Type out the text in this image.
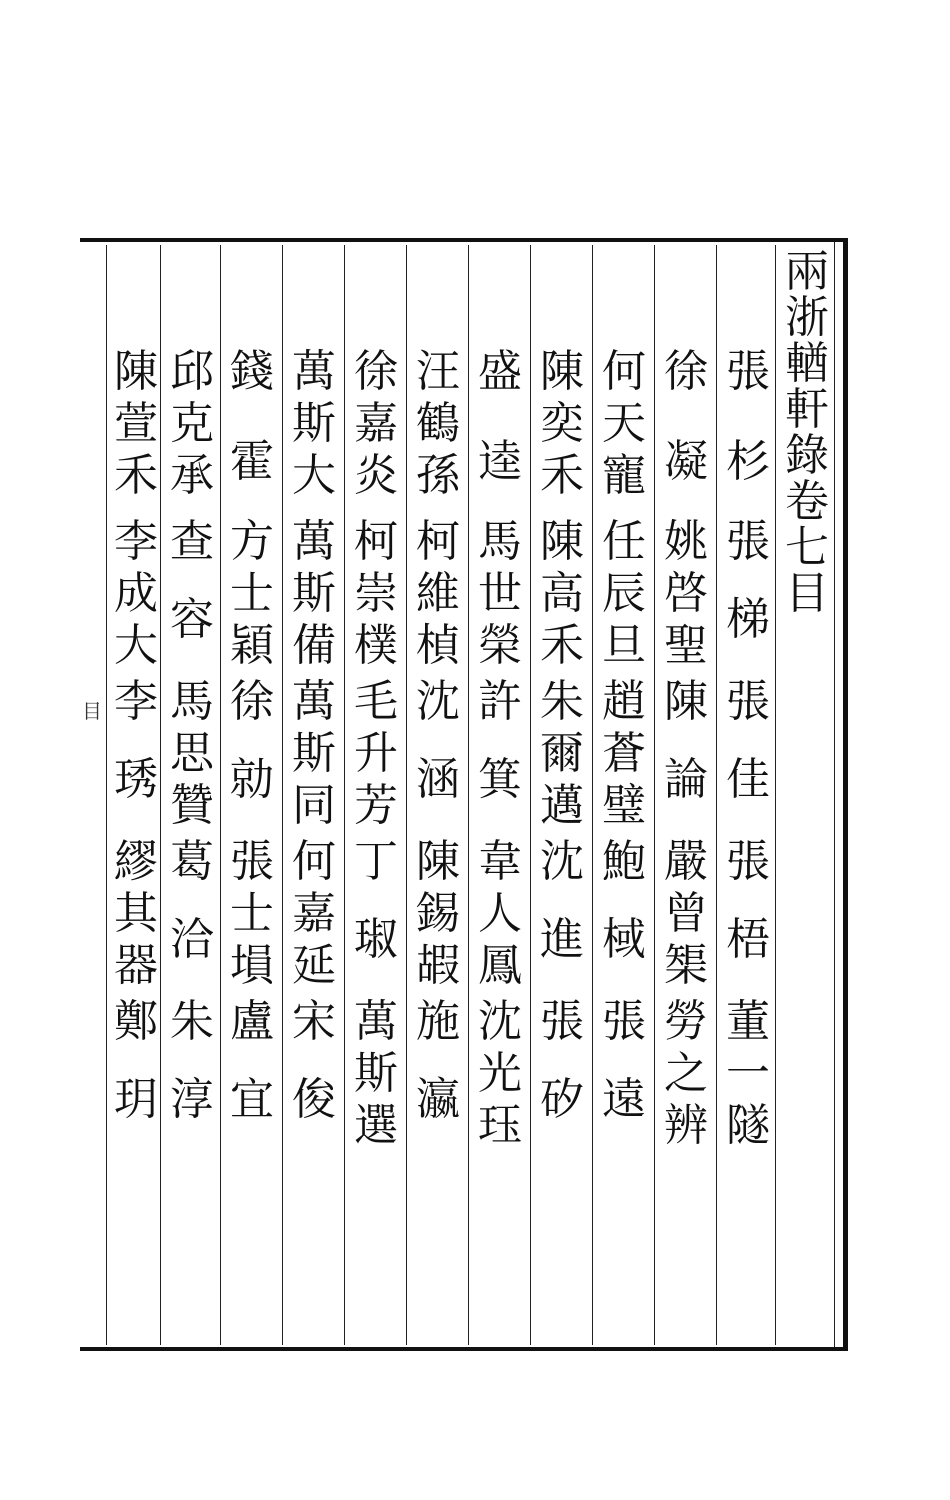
兩
浙
輶
軒
錄
卷
七
目
張
杉
張
梯
張
佳
張
梧
董
一
隧
徐
凝
姚
啓
聖
陳
論
嚴
曾
榘
勞
之
辨
何
天
寵
任
辰
旦
趙
蒼
璧
鮑
棫
張
遠
陳
奕
禾
陳
高
禾
朱
爾
邁
沈
進
張
矽
盛
逵
馬
世
榮
許
箕
韋
人
鳳
沈
光
珏
汪
鶴
孫
柯
維
楨
沈
涵
陳
錫
嘏
施
瀛
徐
嘉
炎
柯
崇
樸
毛
升
芳
丁
琡
萬
斯
選
萬
斯
大
萬
斯
備
萬
斯
同
何
嘉
延
宋
俊
錢
霍
方
士
穎
徐
勍
張
士
塤
盧
宜
邱
克
承
查
容
馬
思
贊
葛
洽
朱
淳
陳
萱
禾
李
成
大
李
琇
繆
其
器
鄭
玥
目
